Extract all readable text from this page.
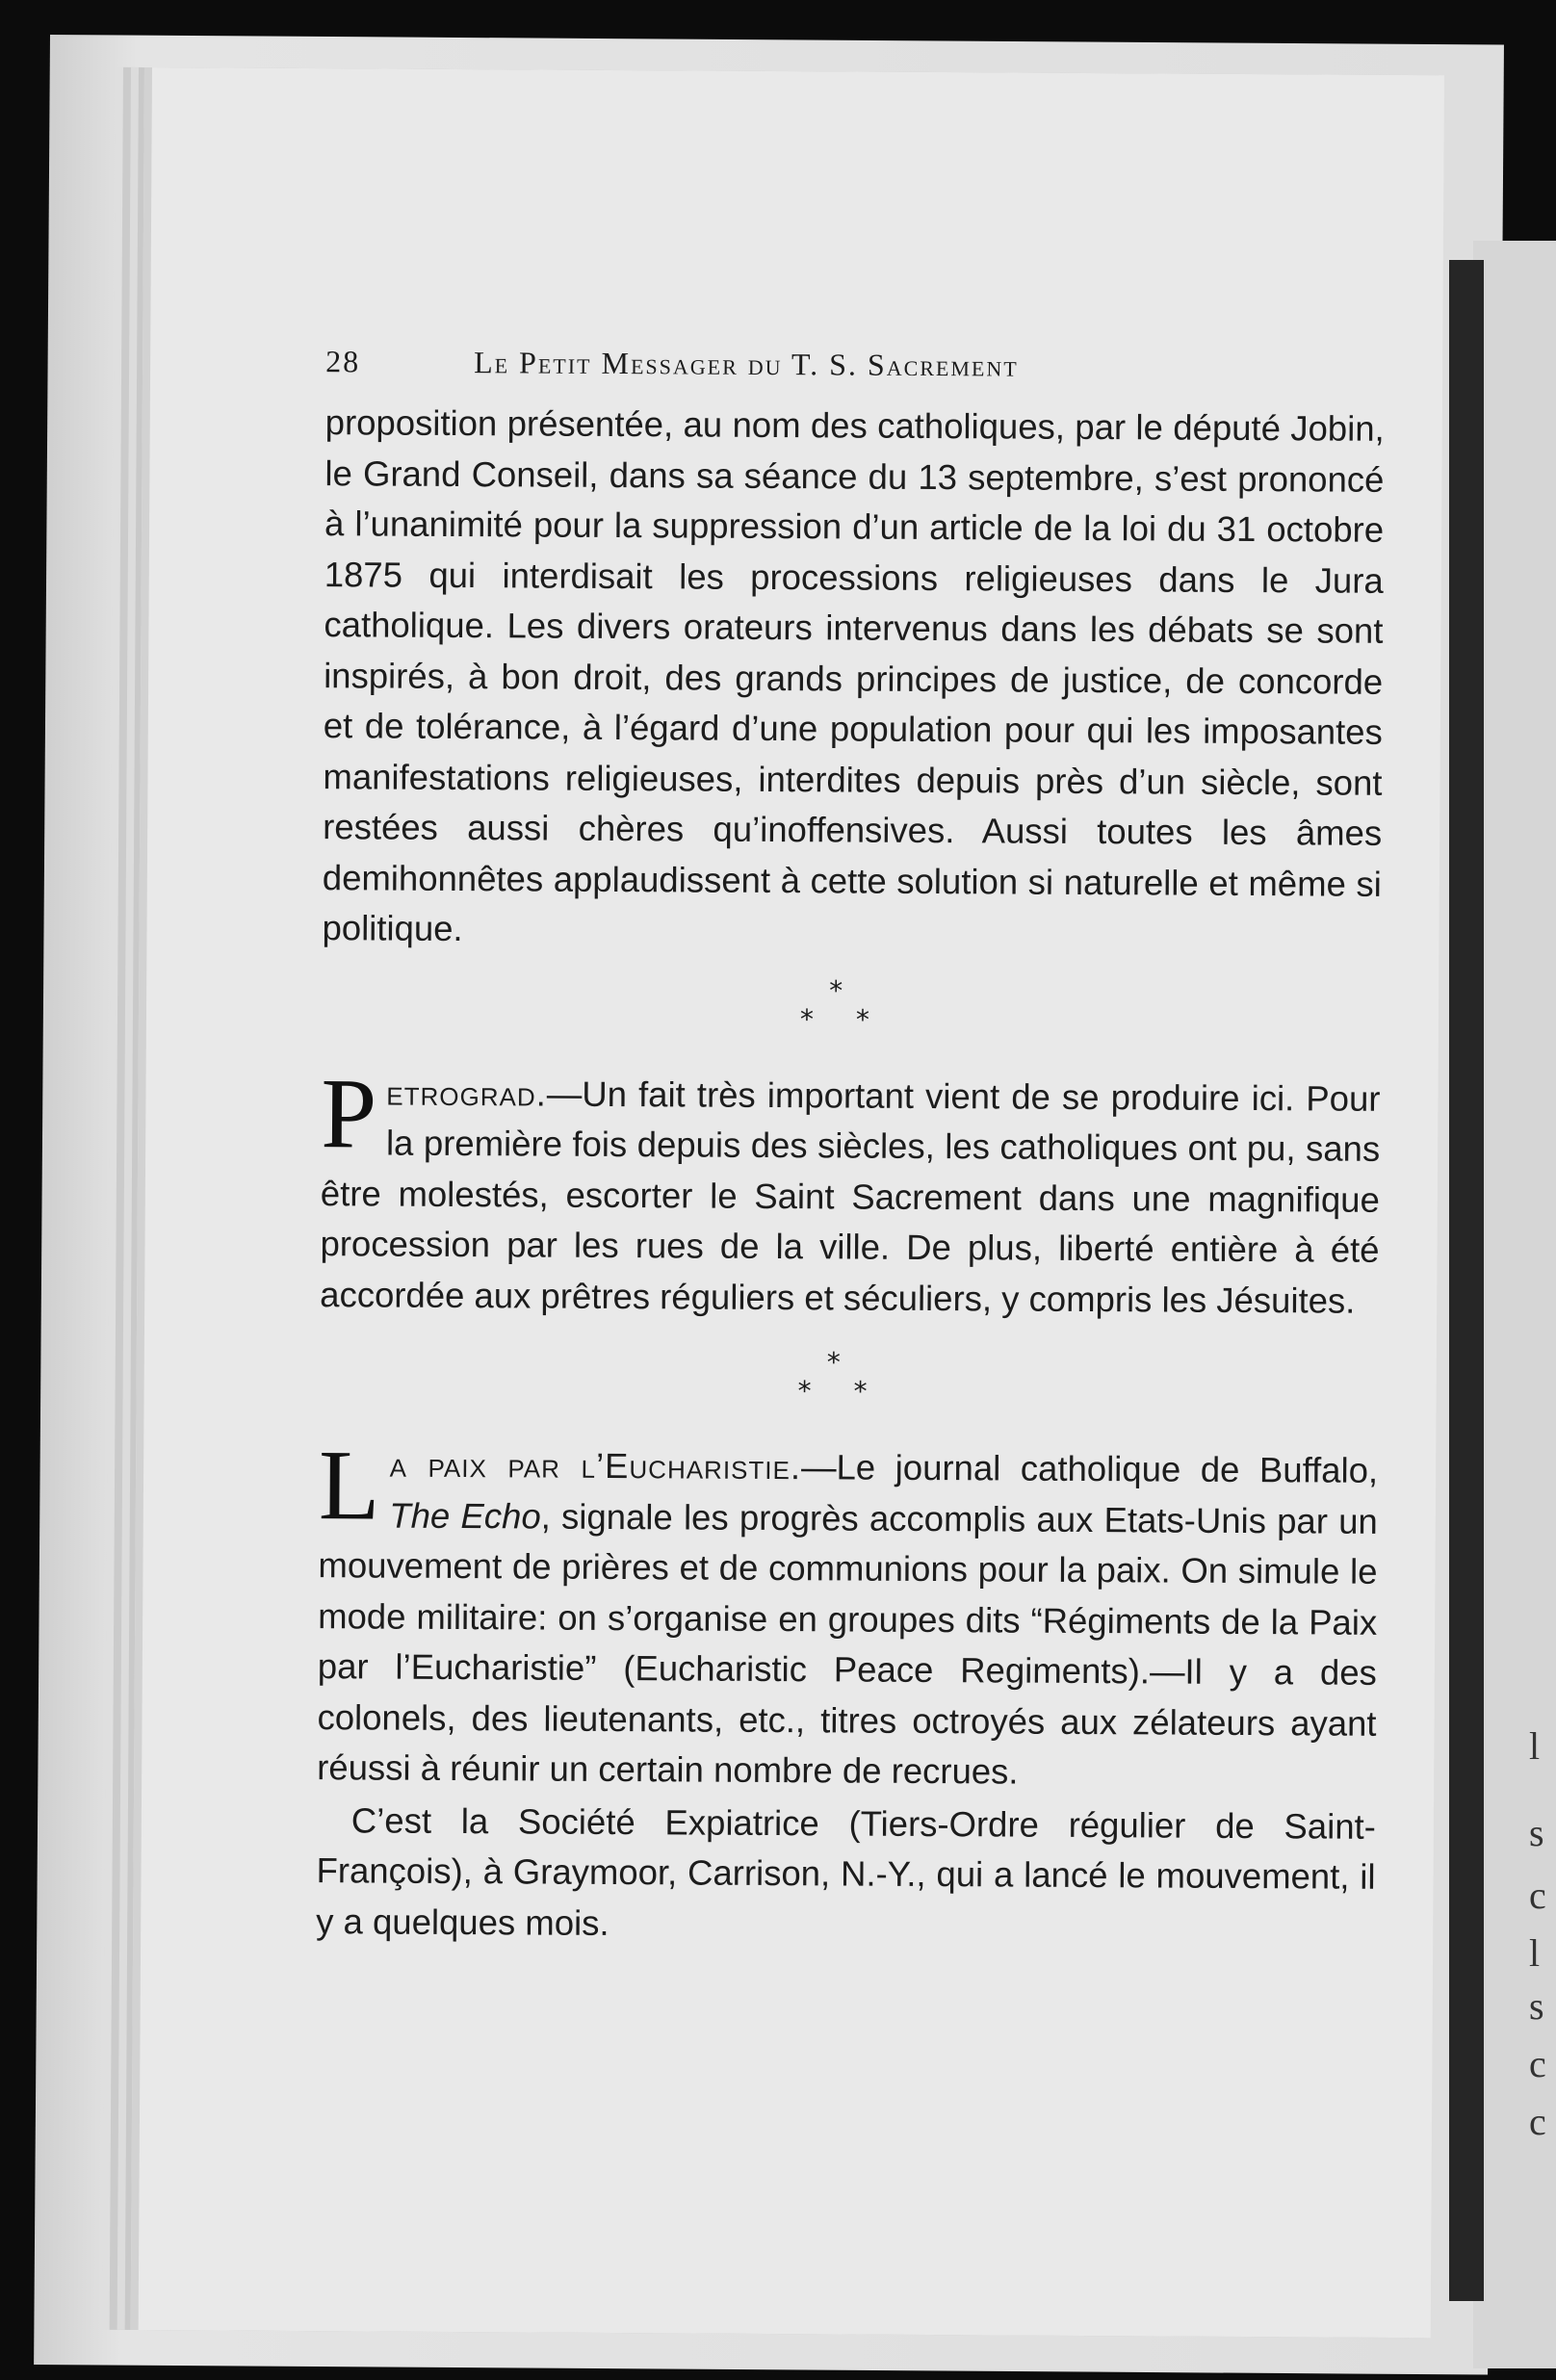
l
s
c
l
s
c
c
28	Le Petit Messager du T. S. Sacrement

proposition présentée, au nom des catholiques, par le député Jobin, le Grand Conseil, dans sa séance du 13 septembre, s’est prononcé à l’unanimité pour la suppression d’un article de la loi du 31 octobre 1875 qui interdisait les processions religieuses dans le Jura catholique. Les divers orateurs intervenus dans les débats se sont inspirés, à bon droit, des grands principes de justice, de concorde et de tolérance, à l’égard d’une population pour qui les imposantes manifestations religieuses, interdites depuis près d’un siècle, sont restées aussi chères qu’inoffensives. Aussi toutes les âmes demihonnêtes applaudissent à cette solution si naturelle et même si politique.

*
* *

Petrograd.—Un fait très important vient de se produire ici. Pour la première fois depuis des siècles, les catholiques ont pu, sans être molestés, escorter le Saint Sacrement dans une magnifique procession par les rues de la ville. De plus, liberté entière à été accordée aux prêtres réguliers et séculiers, y compris les Jésuites.

*
* *

La paix par l’Eucharistie.—Le journal catholique de Buffalo, The Echo, signale les progrès accomplis aux Etats-Unis par un mouvement de prières et de communions pour la paix. On simule le mode militaire: on s’organise en groupes dits “Régiments de la Paix par l’Eucharistie” (Eucharistic Peace Regiments).—Il y a des colonels, des lieutenants, etc., titres octroyés aux zélateurs ayant réussi à réunir un certain nombre de recrues.

C’est la Société Expiatrice (Tiers-Ordre régulier de Saint-François), à Graymoor, Carrison, N.-Y., qui a lancé le mouvement, il y a quelques mois.
